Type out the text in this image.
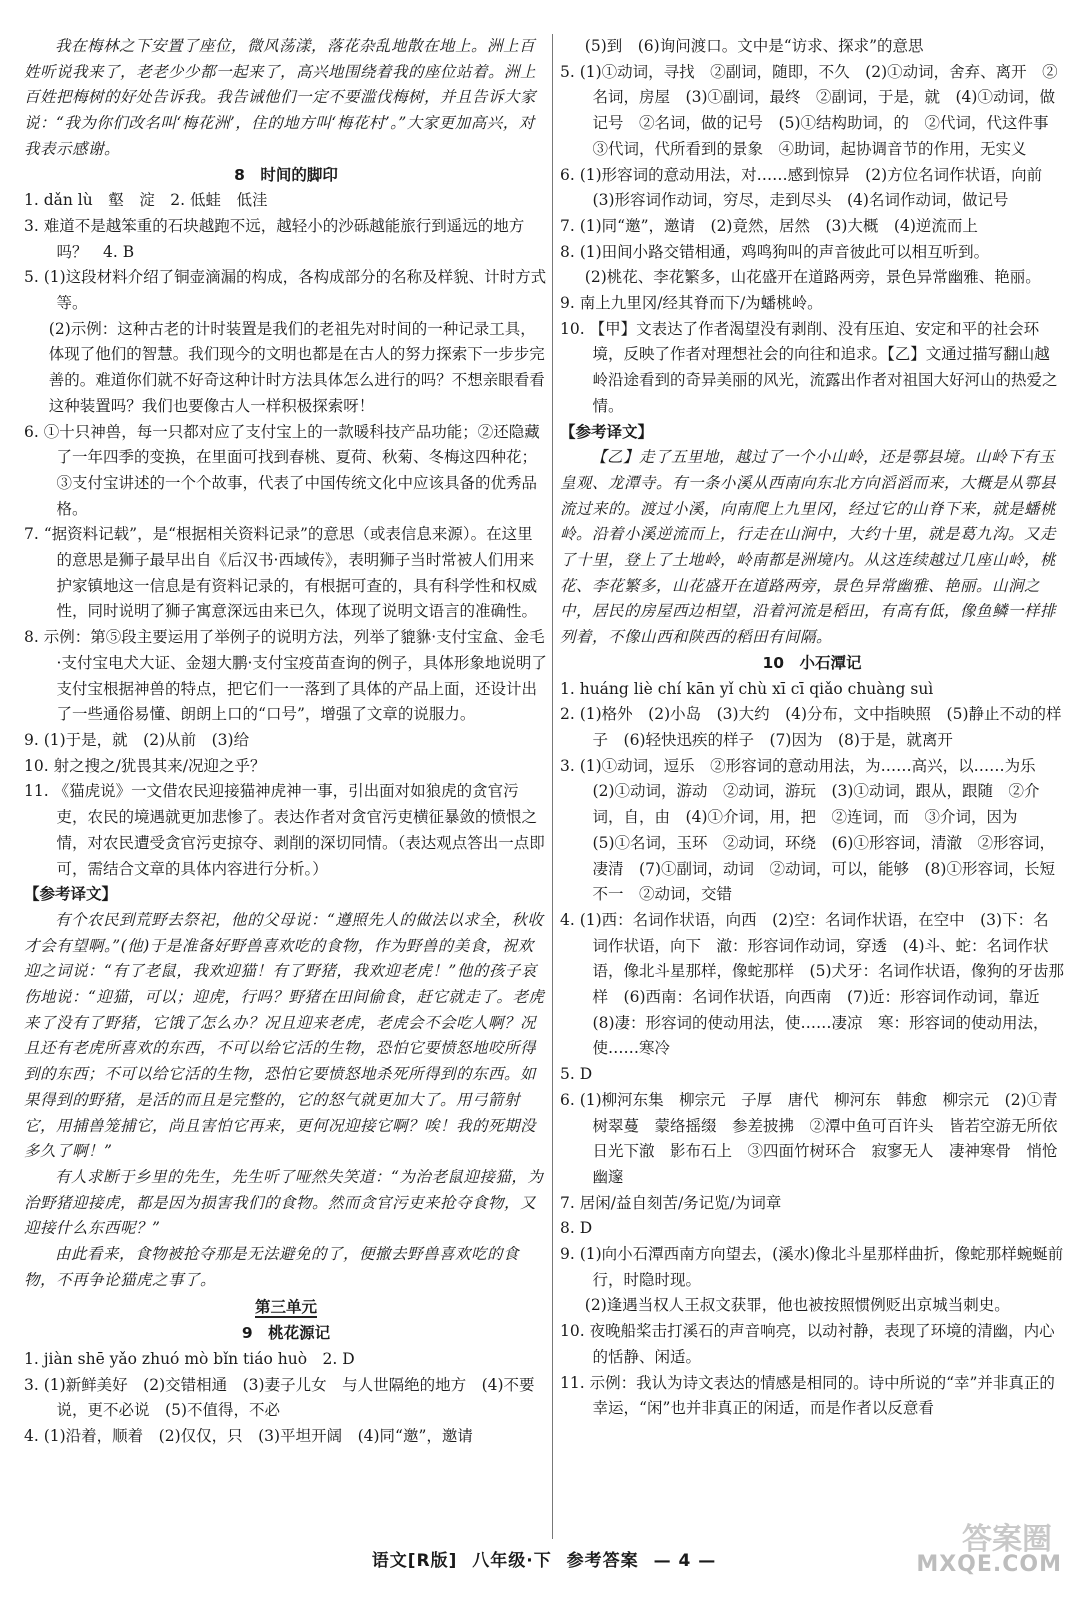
我在梅林之下安置了座位，微风荡漾，落花杂乱地散在地上。洲上百姓听说我来了，老老少少都一起来了，高兴地围绕着我的座位站着。洲上百姓把梅树的好处告诉我。我告诫他们一定不要滥伐梅树，并且告诉大家说：“我为你们改名叫‘梅花洲’，住的地方叫‘梅花村’。”大家更加高兴，对我表示感谢。

8　时间的脚印

1. dǎn lù　壑　淀　2. 低蛙　低洼

3. 难道不是越笨重的石块越跑不远，越轻小的沙砾越能旅行到遥远的地方吗？　4. B

5. (1)这段材料介绍了铜壶滴漏的构成，各构成部分的名称及样貌、计时方式等。

(2)示例：这种古老的计时装置是我们的老祖先对时间的一种记录工具，体现了他们的智慧。我们现今的文明也都是在古人的努力探索下一步步完善的。难道你们就不好奇这种计时方法具体怎么进行的吗？不想亲眼看看这种装置吗？我们也要像古人一样积极探索呀！

6. ①十只神兽，每一只都对应了支付宝上的一款暖科技产品功能；②还隐藏了一年四季的变换，在里面可找到春桃、夏荷、秋菊、冬梅这四种花；③支付宝讲述的一个个故事，代表了中国传统文化中应该具备的优秀品格。

7. “据资料记载”，是“根据相关资料记录”的意思（或表信息来源）。在这里的意思是狮子最早出自《后汉书·西域传》，表明狮子当时常被人们用来护家镇地这一信息是有资料记录的，有根据可查的，具有科学性和权威性，同时说明了狮子寓意深远由来已久，体现了说明文语言的准确性。

8. 示例：第⑤段主要运用了举例子的说明方法，列举了貔貅·支付宝盒、金毛·支付宝电犬大证、金翅大鹏·支付宝疫苗查询的例子，具体形象地说明了支付宝根据神兽的特点，把它们一一落到了具体的产品上面，还设计出了一些通俗易懂、朗朗上口的“口号”，增强了文章的说服力。

9. (1)于是，就　(2)从前　(3)给

10. 射之搜之/犹畏其来/况迎之乎？

11. 《猫虎说》一文借农民迎接猫神虎神一事，引出面对如狼虎的贪官污吏，农民的境遇就更加悲惨了。表达作者对贪官污吏横征暴敛的愤恨之情，对农民遭受贪官污吏掠夺、剥削的深切同情。（表达观点答出一点即可，需结合文章的具体内容进行分析。）

【参考译文】

有个农民到荒野去祭祀，他的父母说：“遵照先人的做法以求全，秋收才会有望啊。”(他)于是准备好野兽喜欢吃的食物，作为野兽的美食，祝欢迎之词说：“有了老鼠，我欢迎猫！有了野猪，我欢迎老虎！”他的孩子哀伤地说：“迎猫，可以；迎虎，行吗？野猪在田间偷食，赶它就走了。老虎来了没有了野猪，它饿了怎么办？况且迎来老虎，老虎会不会吃人啊？况且还有老虎所喜欢的东西，不可以给它活的生物，恐怕它要愤怒地咬所得到的东西；不可以给它活的生物，恐怕它要愤怒地杀死所得到的东西。如果得到的野猪，是活的而且是完整的，它的怒气就更加大了。用弓箭射它，用捕兽笼捕它，尚且害怕它再来，更何况迎接它啊？唉！我的死期没多久了啊！”

有人求断于乡里的先生，先生听了哑然失笑道：“为治老鼠迎接猫，为治野猪迎接虎，都是因为损害我们的食物。然而贪官污吏来抢夺食物，又迎接什么东西呢？”

由此看来，食物被抢夺那是无法避免的了，便撤去野兽喜欢吃的食物，不再争论猫虎之事了。

第三单元

9　桃花源记

1. jiàn shē yǎo zhuó mò bǐn tiáo huò　2. D

3. (1)新鲜美好　(2)交错相通　(3)妻子儿女　与人世隔绝的地方　(4)不要说，更不必说　(5)不值得，不必

4. (1)沿着，顺着　(2)仅仅，只　(3)平坦开阔　(4)同“邀”，邀请

(5)到　(6)询问渡口。文中是“访求、探求”的意思

5. (1)①动词，寻找　②副词，随即，不久　(2)①动词，舍弃、离开　②名词，房屋　(3)①副词，最终　②副词，于是，就　(4)①动词，做记号　②名词，做的记号　(5)①结构助词，的　②代词，代这件事　③代词，代所看到的景象　④助词，起协调音节的作用，无实义

6. (1)形容词的意动用法，对……感到惊异　(2)方位名词作状语，向前　(3)形容词作动词，穷尽，走到尽头　(4)名词作动词，做记号

7. (1)同“邀”，邀请　(2)竟然，居然　(3)大概　(4)逆流而上

8. (1)田间小路交错相通，鸡鸣狗叫的声音彼此可以相互听到。

(2)桃花、李花繁多，山花盛开在道路两旁，景色异常幽雅、艳丽。

9. 南上九里冈/经其脊而下/为蟠桃岭。

10. 【甲】文表达了作者渴望没有剥削、没有压迫、安定和平的社会环境，反映了作者对理想社会的向往和追求。【乙】文通过描写翻山越岭沿途看到的奇异美丽的风光，流露出作者对祖国大好河山的热爱之情。

【参考译文】

【乙】走了五里地，越过了一个小山岭，还是鄠县境。山岭下有玉皇观、龙潭寺。有一条小溪从西南向东北方向滔滔而来，大概是从鄠县流过来的。渡过小溪，向南爬上九里冈，经过它的山脊下来，就是蟠桃岭。沿着小溪逆流而上，行走在山涧中，大约十里，就是葛九沟。又走了十里，登上了土地岭，岭南都是洲境内。从这连续越过几座山岭，桃花、李花繁多，山花盛开在道路两旁，景色异常幽雅、艳丽。山涧之中，居民的房屋西边相望，沿着河流是稻田，有高有低，像鱼鳞一样排列着，不像山西和陕西的稻田有间隔。

10　小石潭记

1. huáng liè chí kān yǐ chù xī cī qiǎo chuàng suì

2. (1)格外　(2)小岛　(3)大约　(4)分布，文中指映照　(5)静止不动的样子　(6)轻快迅疾的样子　(7)因为　(8)于是，就离开

3. (1)①动词，逗乐　②形容词的意动用法，为……高兴，以……为乐　(2)①动词，游动　②动词，游玩　(3)①动词，跟从，跟随　②介词，自，由　(4)①介词，用，把　②连词，而　③介词，因为　(5)①名词，玉环　②动词，环绕　(6)①形容词，清澈　②形容词，凄清　(7)①副词，动词　②动词，可以，能够　(8)①形容词，长短不一　②动词，交错

4. (1)西：名词作状语，向西　(2)空：名词作状语，在空中　(3)下：名词作状语，向下　澈：形容词作动词，穿透　(4)斗、蛇：名词作状语，像北斗星那样，像蛇那样　(5)犬牙：名词作状语，像狗的牙齿那样　(6)西南：名词作状语，向西南　(7)近：形容词作动词，靠近　(8)凄：形容词的使动用法，使……凄凉　寒：形容词的使动用法，使……寒冷

5. D

6. (1)柳河东集　柳宗元　子厚　唐代　柳河东　韩愈　柳宗元　(2)①青树翠蔓　蒙络摇缀　参差披拂　②潭中鱼可百许头　皆若空游无所依　日光下澈　影布石上　③四面竹树环合　寂寥无人　凄神寒骨　悄怆幽邃

7. 居闲/益自刻苦/务记览/为词章

8. D

9. (1)向小石潭西南方向望去，(溪水)像北斗星那样曲折，像蛇那样蜿蜒前行，时隐时现。

(2)逢遇当权人王叔文获罪，他也被按照惯例贬出京城当刺史。

10. 夜晚船桨击打溪石的声音响亮，以动衬静，表现了环境的清幽，内心的恬静、闲适。

11. 示例：我认为诗文表达的情感是相同的。诗中所说的“幸”并非真正的幸运，“闲”也并非真正的闲适，而是作者以反意看

语文[R版] 八年级·下 参考答案 — 4 —
答案圈
MXQE.COM
